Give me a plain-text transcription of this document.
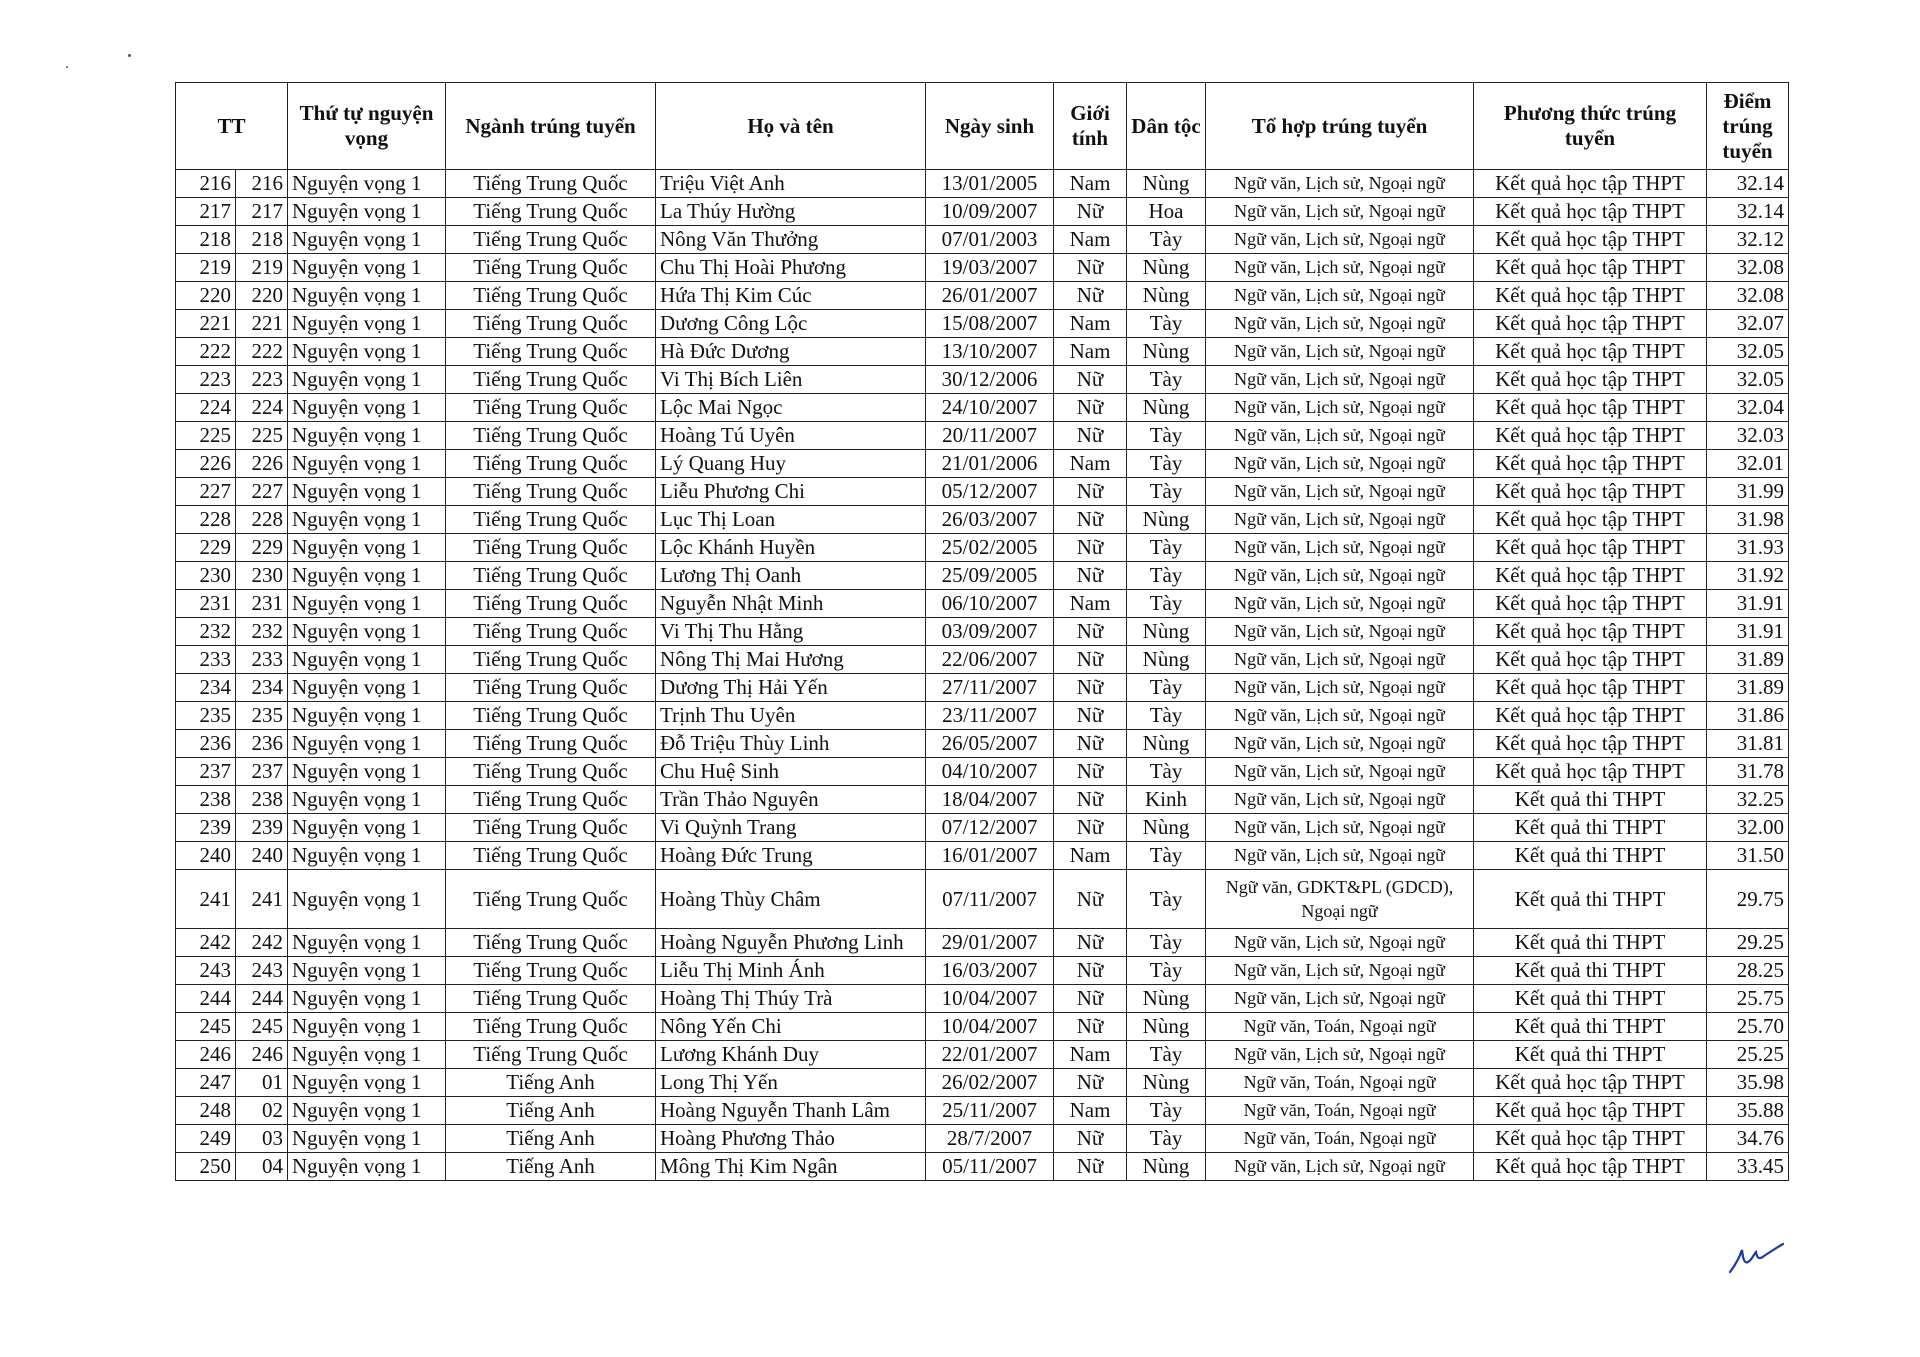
TT		Thứ tự nguyện vọng	Ngành trúng tuyển	Họ và tên	Ngày sinh	Giới tính	Dân tộc	Tổ hợp trúng tuyển	Phương thức trúng tuyển	Điểm trúng tuyển
216	216	Nguyện vọng 1	Tiếng Trung Quốc	Triệu Việt Anh	13/01/2005	Nam	Nùng	Ngữ văn, Lịch sử, Ngoại ngữ	Kết quả học tập THPT	32.14
217	217	Nguyện vọng 1	Tiếng Trung Quốc	La Thúy Hường	10/09/2007	Nữ	Hoa	Ngữ văn, Lịch sử, Ngoại ngữ	Kết quả học tập THPT	32.14
218	218	Nguyện vọng 1	Tiếng Trung Quốc	Nông Văn Thưởng	07/01/2003	Nam	Tày	Ngữ văn, Lịch sử, Ngoại ngữ	Kết quả học tập THPT	32.12
219	219	Nguyện vọng 1	Tiếng Trung Quốc	Chu Thị Hoài Phương	19/03/2007	Nữ	Nùng	Ngữ văn, Lịch sử, Ngoại ngữ	Kết quả học tập THPT	32.08
220	220	Nguyện vọng 1	Tiếng Trung Quốc	Hứa Thị Kim Cúc	26/01/2007	Nữ	Nùng	Ngữ văn, Lịch sử, Ngoại ngữ	Kết quả học tập THPT	32.08
221	221	Nguyện vọng 1	Tiếng Trung Quốc	Dương Công Lộc	15/08/2007	Nam	Tày	Ngữ văn, Lịch sử, Ngoại ngữ	Kết quả học tập THPT	32.07
222	222	Nguyện vọng 1	Tiếng Trung Quốc	Hà Đức Dương	13/10/2007	Nam	Nùng	Ngữ văn, Lịch sử, Ngoại ngữ	Kết quả học tập THPT	32.05
223	223	Nguyện vọng 1	Tiếng Trung Quốc	Vi Thị Bích Liên	30/12/2006	Nữ	Tày	Ngữ văn, Lịch sử, Ngoại ngữ	Kết quả học tập THPT	32.05
224	224	Nguyện vọng 1	Tiếng Trung Quốc	Lộc Mai Ngọc	24/10/2007	Nữ	Nùng	Ngữ văn, Lịch sử, Ngoại ngữ	Kết quả học tập THPT	32.04
225	225	Nguyện vọng 1	Tiếng Trung Quốc	Hoàng Tú Uyên	20/11/2007	Nữ	Tày	Ngữ văn, Lịch sử, Ngoại ngữ	Kết quả học tập THPT	32.03
226	226	Nguyện vọng 1	Tiếng Trung Quốc	Lý Quang Huy	21/01/2006	Nam	Tày	Ngữ văn, Lịch sử, Ngoại ngữ	Kết quả học tập THPT	32.01
227	227	Nguyện vọng 1	Tiếng Trung Quốc	Liễu Phương Chi	05/12/2007	Nữ	Tày	Ngữ văn, Lịch sử, Ngoại ngữ	Kết quả học tập THPT	31.99
228	228	Nguyện vọng 1	Tiếng Trung Quốc	Lục Thị Loan	26/03/2007	Nữ	Nùng	Ngữ văn, Lịch sử, Ngoại ngữ	Kết quả học tập THPT	31.98
229	229	Nguyện vọng 1	Tiếng Trung Quốc	Lộc Khánh Huyền	25/02/2005	Nữ	Tày	Ngữ văn, Lịch sử, Ngoại ngữ	Kết quả học tập THPT	31.93
230	230	Nguyện vọng 1	Tiếng Trung Quốc	Lương Thị Oanh	25/09/2005	Nữ	Tày	Ngữ văn, Lịch sử, Ngoại ngữ	Kết quả học tập THPT	31.92
231	231	Nguyện vọng 1	Tiếng Trung Quốc	Nguyễn Nhật Minh	06/10/2007	Nam	Tày	Ngữ văn, Lịch sử, Ngoại ngữ	Kết quả học tập THPT	31.91
232	232	Nguyện vọng 1	Tiếng Trung Quốc	Vi Thị Thu Hằng	03/09/2007	Nữ	Nùng	Ngữ văn, Lịch sử, Ngoại ngữ	Kết quả học tập THPT	31.91
233	233	Nguyện vọng 1	Tiếng Trung Quốc	Nông Thị Mai Hương	22/06/2007	Nữ	Nùng	Ngữ văn, Lịch sử, Ngoại ngữ	Kết quả học tập THPT	31.89
234	234	Nguyện vọng 1	Tiếng Trung Quốc	Dương Thị Hải Yến	27/11/2007	Nữ	Tày	Ngữ văn, Lịch sử, Ngoại ngữ	Kết quả học tập THPT	31.89
235	235	Nguyện vọng 1	Tiếng Trung Quốc	Trịnh Thu Uyên	23/11/2007	Nữ	Tày	Ngữ văn, Lịch sử, Ngoại ngữ	Kết quả học tập THPT	31.86
236	236	Nguyện vọng 1	Tiếng Trung Quốc	Đỗ Triệu Thùy Linh	26/05/2007	Nữ	Nùng	Ngữ văn, Lịch sử, Ngoại ngữ	Kết quả học tập THPT	31.81
237	237	Nguyện vọng 1	Tiếng Trung Quốc	Chu Huệ Sinh	04/10/2007	Nữ	Tày	Ngữ văn, Lịch sử, Ngoại ngữ	Kết quả học tập THPT	31.78
238	238	Nguyện vọng 1	Tiếng Trung Quốc	Trần Thảo Nguyên	18/04/2007	Nữ	Kinh	Ngữ văn, Lịch sử, Ngoại ngữ	Kết quả thi THPT	32.25
239	239	Nguyện vọng 1	Tiếng Trung Quốc	Vi Quỳnh Trang	07/12/2007	Nữ	Nùng	Ngữ văn, Lịch sử, Ngoại ngữ	Kết quả thi THPT	32.00
240	240	Nguyện vọng 1	Tiếng Trung Quốc	Hoàng Đức Trung	16/01/2007	Nam	Tày	Ngữ văn, Lịch sử, Ngoại ngữ	Kết quả thi THPT	31.50
241	241	Nguyện vọng 1	Tiếng Trung Quốc	Hoàng Thùy Châm	07/11/2007	Nữ	Tày	Ngữ văn, GDKT&PL (GDCD), Ngoại ngữ	Kết quả thi THPT	29.75
242	242	Nguyện vọng 1	Tiếng Trung Quốc	Hoàng Nguyễn Phương Linh	29/01/2007	Nữ	Tày	Ngữ văn, Lịch sử, Ngoại ngữ	Kết quả thi THPT	29.25
243	243	Nguyện vọng 1	Tiếng Trung Quốc	Liễu Thị Minh Ánh	16/03/2007	Nữ	Tày	Ngữ văn, Lịch sử, Ngoại ngữ	Kết quả thi THPT	28.25
244	244	Nguyện vọng 1	Tiếng Trung Quốc	Hoàng Thị Thúy Trà	10/04/2007	Nữ	Nùng	Ngữ văn, Lịch sử, Ngoại ngữ	Kết quả thi THPT	25.75
245	245	Nguyện vọng 1	Tiếng Trung Quốc	Nông Yến Chi	10/04/2007	Nữ	Nùng	Ngữ văn, Toán, Ngoại ngữ	Kết quả thi THPT	25.70
246	246	Nguyện vọng 1	Tiếng Trung Quốc	Lương Khánh Duy	22/01/2007	Nam	Tày	Ngữ văn, Lịch sử, Ngoại ngữ	Kết quả thi THPT	25.25
247	01	Nguyện vọng 1	Tiếng Anh	Long Thị Yến	26/02/2007	Nữ	Nùng	Ngữ văn, Toán, Ngoại ngữ	Kết quả học tập THPT	35.98
248	02	Nguyện vọng 1	Tiếng Anh	Hoàng Nguyễn Thanh Lâm	25/11/2007	Nam	Tày	Ngữ văn, Toán, Ngoại ngữ	Kết quả học tập THPT	35.88
249	03	Nguyện vọng 1	Tiếng Anh	Hoàng Phương Thảo	28/7/2007	Nữ	Tày	Ngữ văn, Toán, Ngoại ngữ	Kết quả học tập THPT	34.76
250	04	Nguyện vọng 1	Tiếng Anh	Mông Thị Kim Ngân	05/11/2007	Nữ	Nùng	Ngữ văn, Lịch sử, Ngoại ngữ	Kết quả học tập THPT	33.45
